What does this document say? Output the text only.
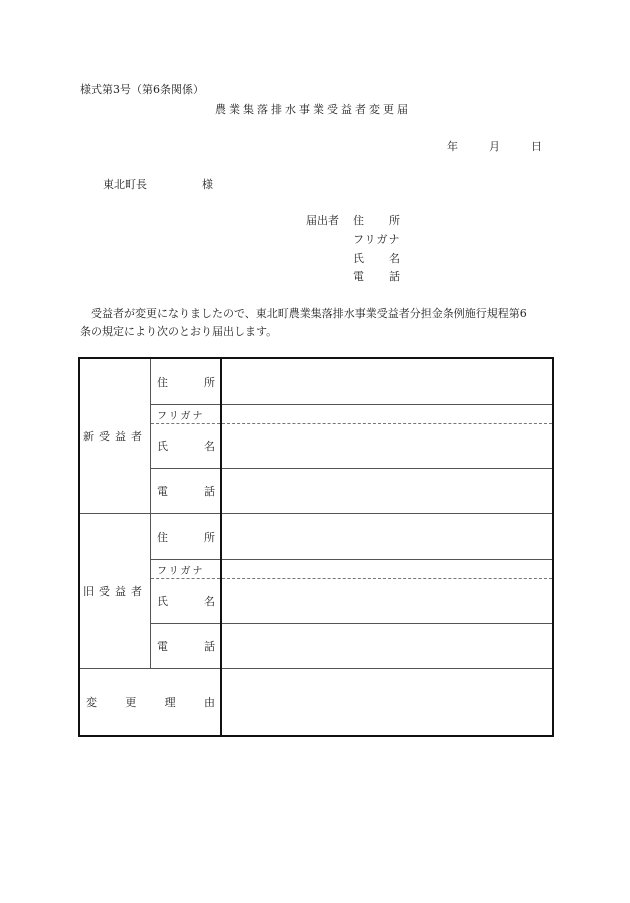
様式第3号（第6条関係）
農業集落排水事業受益者変更届
年	月	日
東北町長	様
届出者 住 所
フリガナ
氏 名
電 話
受益者が変更になりましたので、東北町農業集落排水事業受益者分担金条例施行規程第6
条の規定により次のとおり届出します。
新受益者	住 所	

	フリガナ	

	氏 名	

	電 話	

旧受益者	住 所	

	フリガナ	

	氏 名	

	電 話	

変 更 理 由		
